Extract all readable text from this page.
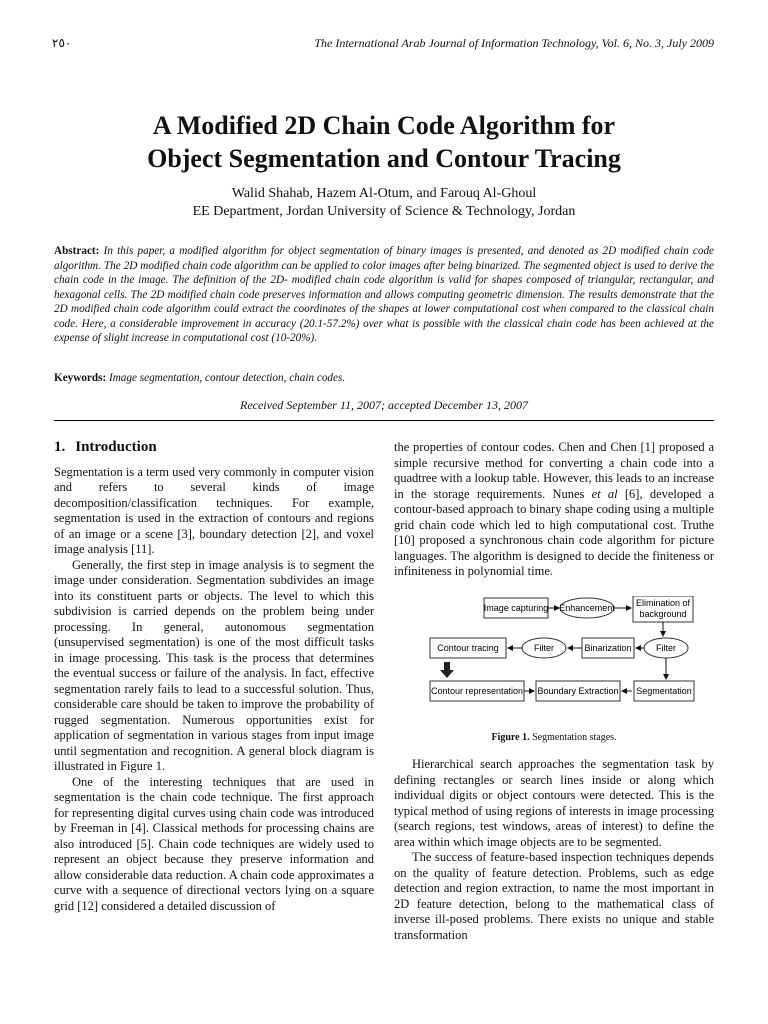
٢٥٠	The International Arab Journal of Information Technology, Vol. 6, No. 3, July 2009
A Modified 2D Chain Code Algorithm for
Object Segmentation and Contour Tracing
Walid Shahab, Hazem Al-Otum, and Farouq Al-Ghoul
EE Department, Jordan University of Science & Technology, Jordan
Abstract: In this paper, a modified algorithm for object segmentation of binary images is presented, and denoted as 2D modified chain code algorithm. The 2D modified chain code algorithm can be applied to color images after being binarized. The segmented object is used to derive the chain code in the image. The definition of the 2D- modified chain code algorithm is valid for shapes composed of triangular, rectangular, and hexagonal cells. The 2D modified chain code preserves information and allows computing geometric dimension. The results demonstrate that the 2D modified chain code algorithm could extract the coordinates of the shapes at lower computational cost when compared to the classical chain code. Here, a considerable improvement in accuracy (20.1-57.2%) over what is possible with the classical chain code has been achieved at the expense of slight increase in computational cost (10-20%).
Keywords: Image segmentation, contour detection, chain codes.
Received September 11, 2007; accepted December 13, 2007
1. Introduction

Segmentation is a term used very commonly in computer vision and refers to several kinds of image decomposition/classification techniques. For example, segmentation is used in the extraction of contours and regions of an image or a scene [3], boundary detection [2], and voxel image analysis [11].

Generally, the first step in image analysis is to segment the image under consideration. Segmentation subdivides an image into its constituent parts or objects. The level to which this subdivision is carried depends on the problem being under processing. In general, autonomous segmentation (unsupervised segmentation) is one of the most difficult tasks in image processing. This task is the process that determines the eventual success or failure of the analysis. In fact, effective segmentation rarely fails to lead to a successful solution. Thus, considerable care should be taken to improve the probability of rugged segmentation. Numerous opportunities exist for application of segmentation in various stages from input image until segmentation and recognition. A general block diagram is illustrated in Figure 1.

One of the interesting techniques that are used in segmentation is the chain code technique. The first approach for representing digital curves using chain code was introduced by Freeman in [4]. Classical methods for processing chains are also introduced [5]. Chain code techniques are widely used to represent an object because they preserve information and allow considerable data reduction. A chain code approximates a curve with a sequence of directional vectors lying on a square grid [12] considered a detailed discussion of

the properties of contour codes. Chen and Chen [1] proposed a simple recursive method for converting a chain code into a quadtree with a lookup table. However, this leads to an increase in the storage requirements. Nunes et al [6], developed a contour-based approach to binary shape coding using a multiple grid chain code which led to high computational cost. Truthe [10] proposed a synchronous chain code algorithm for picture languages. The algorithm is designed to decide the finiteness or infiniteness in polynomial time.

Image capturing Enhancement Elimination of
background
Filter
Binarization
Filter
Contour tracing
Contour representation Boundary Extraction Segmentation
Figure 1. Segmentation stages.

Hierarchical search approaches the segmentation task by defining rectangles or search lines inside or along which individual digits or object contours were detected. This is the typical method of using regions of interests in image processing (search regions, test windows, areas of interest) to define the area within which image objects are to be segmented.

The success of feature-based inspection techniques depends on the quality of feature detection. Problems, such as edge detection and region extraction, to name the most important in 2D feature detection, belong to the mathematical class of inverse ill-posed problems. There exists no unique and stable transformation
